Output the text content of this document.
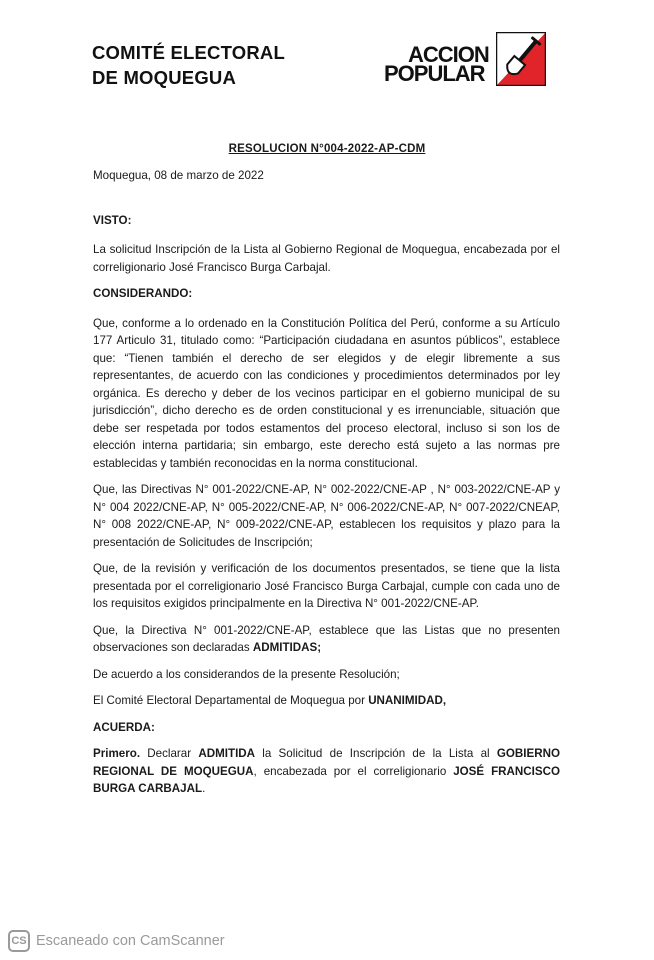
COMITÉ ELECTORAL
DE MOQUEGUA
ACCION
POPULAR
RESOLUCION N°004-2022-AP-CDM

Moquegua, 08 de marzo de 2022

VISTO:

La solicitud Inscripción de la Lista al Gobierno Regional de Moquegua, encabezada por el correligionario José Francisco Burga Carbajal.

CONSIDERANDO:

Que, conforme a lo ordenado en la Constitución Política del Perú, conforme a su Artículo 177 Articulo 31, titulado como: “Participación ciudadana en asuntos públicos”, establece que: “Tienen también el derecho de ser elegidos y de elegir libremente a sus representantes, de acuerdo con las condiciones y procedimientos determinados por ley orgánica. Es derecho y deber de los vecinos participar en el gobierno municipal de su jurisdicción”, dicho derecho es de orden constitucional y es irrenunciable, situación que debe ser respetada por todos estamentos del proceso electoral, incluso si son los de elección interna partidaria; sin embargo, este derecho está sujeto a las normas pre establecidas y también reconocidas en la norma constitucional.

Que, las Directivas N° 001-2022/CNE-AP, N° 002-2022/CNE-AP , N° 003-2022/CNE-AP y N° 004 2022/CNE-AP, N° 005-2022/CNE-AP, N° 006-2022/CNE-AP, N° 007-2022/CNEAP, N° 008 2022/CNE-AP, N° 009-2022/CNE-AP, establecen los requisitos y plazo para la presentación de Solicitudes de Inscripción;

Que, de la revisión y verificación de los documentos presentados, se tiene que la lista presentada por el correligionario José Francisco Burga Carbajal, cumple con cada uno de los requisitos exigidos principalmente en la Directiva N° 001-2022/CNE-AP.

Que, la Directiva N° 001-2022/CNE-AP, establece que las Listas que no presenten observaciones son declaradas ADMITIDAS;

De acuerdo a los considerandos de la presente Resolución;

El Comité Electoral Departamental de Moquegua por UNANIMIDAD,

ACUERDA:

Primero. Declarar ADMITIDA la Solicitud de Inscripción de la Lista al GOBIERNO REGIONAL DE MOQUEGUA, encabezada por el correligionario JOSÉ FRANCISCO BURGA CARBAJAL.

CS Escaneado con CamScanner
